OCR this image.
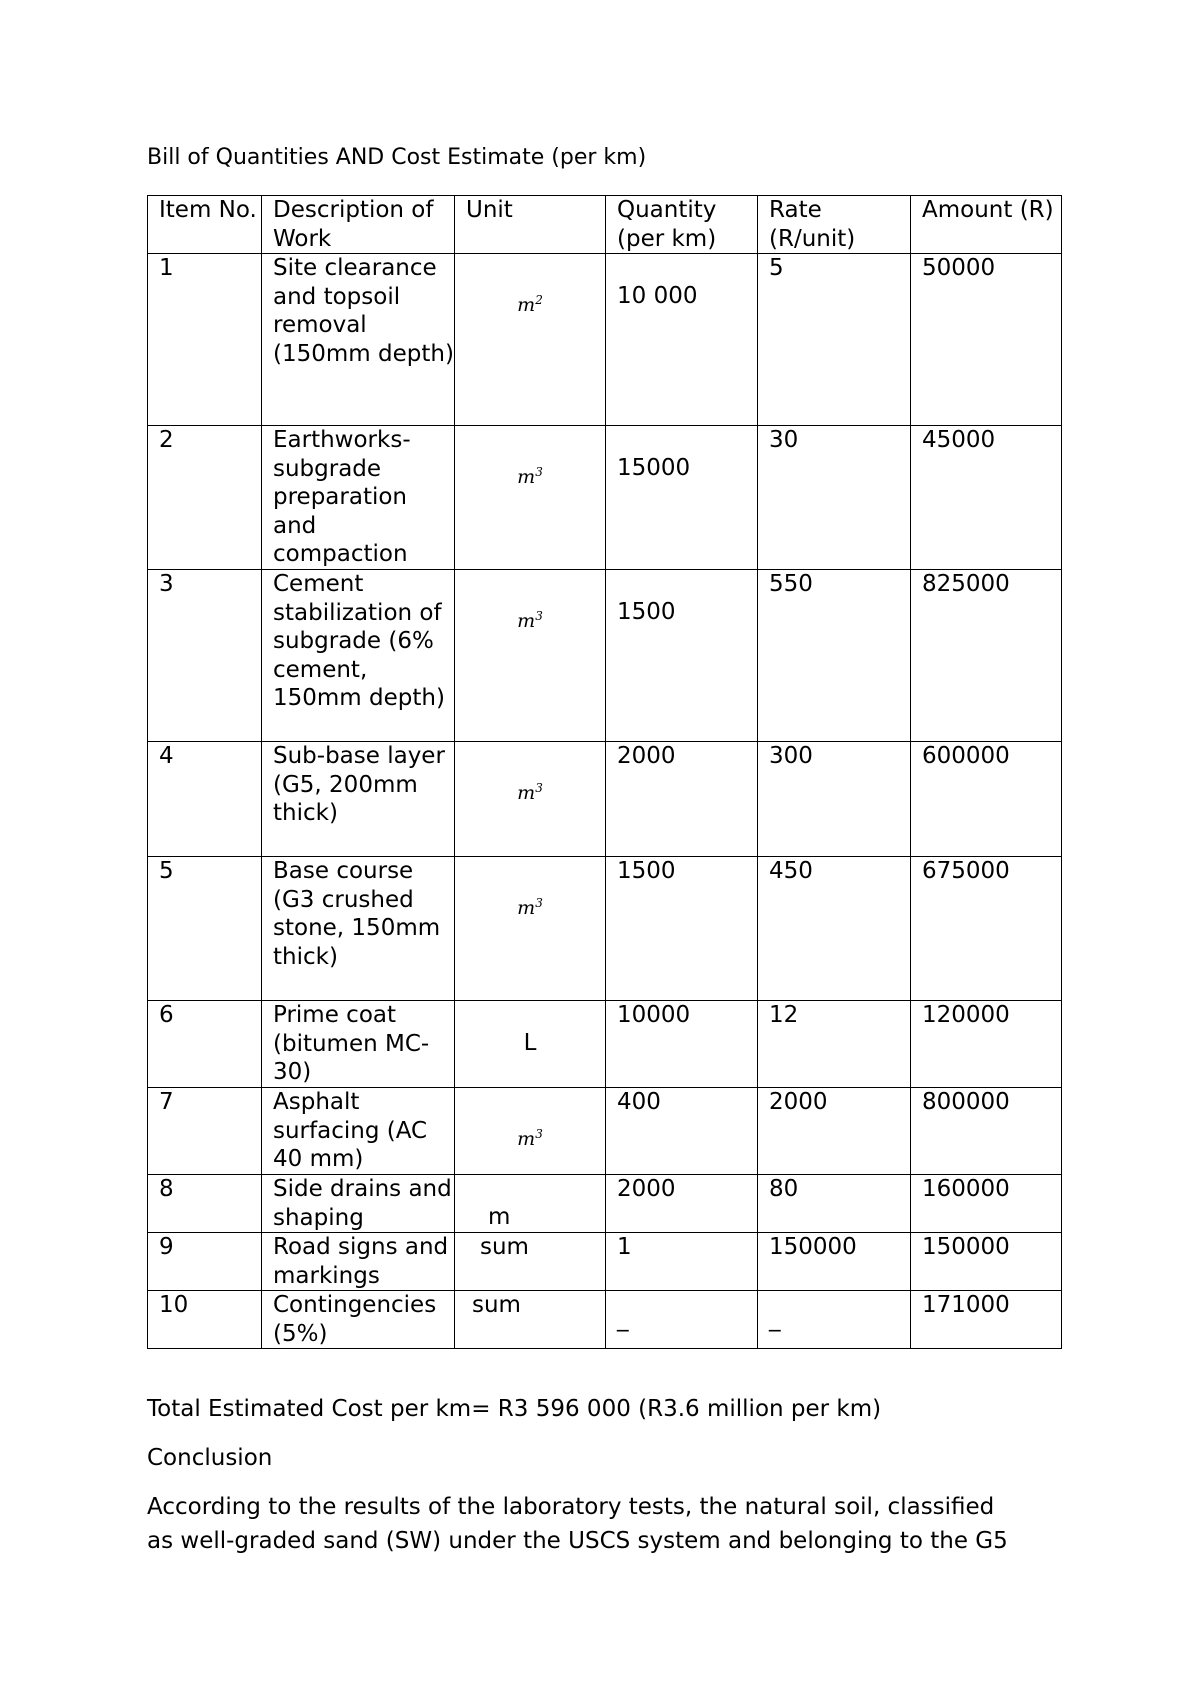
Bill of Quantities AND Cost Estimate (per km)
Item No.	Description of Work	Unit	Quantity (per km)	Rate (R/unit)	Amount (R)
1	Site clearance and topsoil removal (150mm depth)	$m^2$	10 000	5	50000
2	Earthworks-subgrade preparation and compaction	$m^3$	15000	30	45000
3	Cement stabilization of subgrade (6% cement, 150mm depth)	$m^3$	1500	550	825000
4	Sub-base layer (G5, 200mm thick)	$m^3$	2000	300	600000
5	Base course (G3 crushed stone, 150mm thick)	$m^3$	1500	450	675000
6	Prime coat (bitumen MC-30)	L	10000	12	120000
7	Asphalt surfacing (AC 40 mm)	$m^3$	400	2000	800000
8	Side drains and shaping	m	2000	80	160000
9	Road signs and markings	sum	1	150000	150000
10	Contingencies (5%)	sum	_	_	171000
Total Estimated Cost per km= R3 596 000 (R3.6 million per km)
Conclusion
According to the results of the laboratory tests, the natural soil, classified
as well-graded sand (SW) under the USCS system and belonging to the G5
